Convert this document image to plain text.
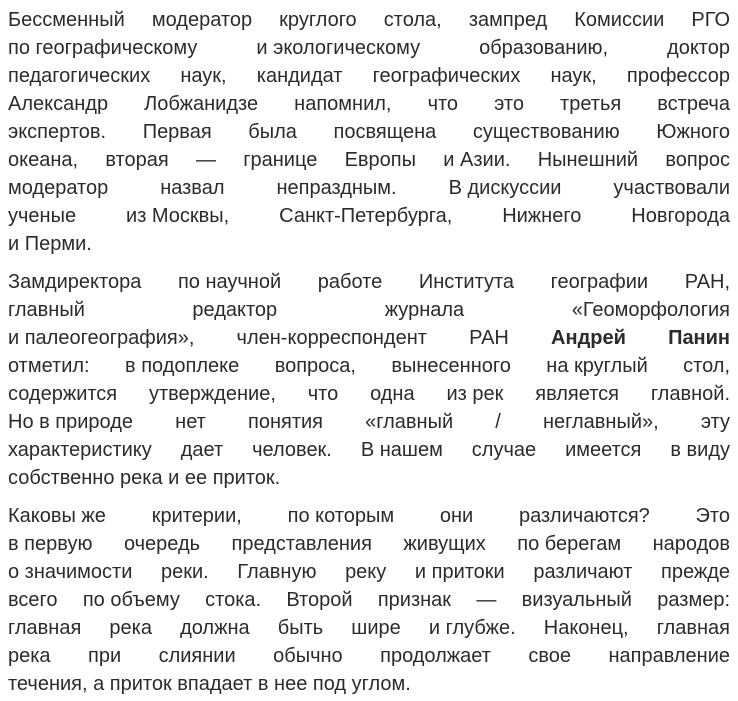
Бессменный модератор круглого стола, зампред Комиссии РГО
по географическому	и экологическому	образованию,	доктор
педагогических наук, кандидат географических наук, профессор
Александр Лобжанидзе напомнил, что это третья встреча
экспертов. Первая была посвящена существованию Южного
океана, вторая — границе Европы и Азии. Нынешний вопрос
модератор	назвал	непраздным.	В дискуссии	участвовали
ученые из Москвы, Санкт-Петербурга, Нижнего Новгорода
и Перми.
Замдиректора по научной работе Института географии РАН,
главный	редактор	журнала	«Геоморфология
и палеогеография», член-корреспондент РАН Андрей Панин
отметил: в подоплеке вопроса, вынесенного на круглый стол,
содержится утверждение, что одна из рек является главной.
Но в природе нет понятия «главный / неглавный», эту
характеристику дает человек. В нашем случае имеется в виду
собственно река и ее приток.
Каковы же критерии, по которым они различаются? Это
в первую очередь представления живущих по берегам народов
о значимости реки. Главную реку и притоки различают прежде
всего по объему стока. Второй признак — визуальный размер:
главная река должна быть шире и глубже. Наконец, главная
река при слиянии обычно продолжает свое направление
течения, а приток впадает в нее под углом.
